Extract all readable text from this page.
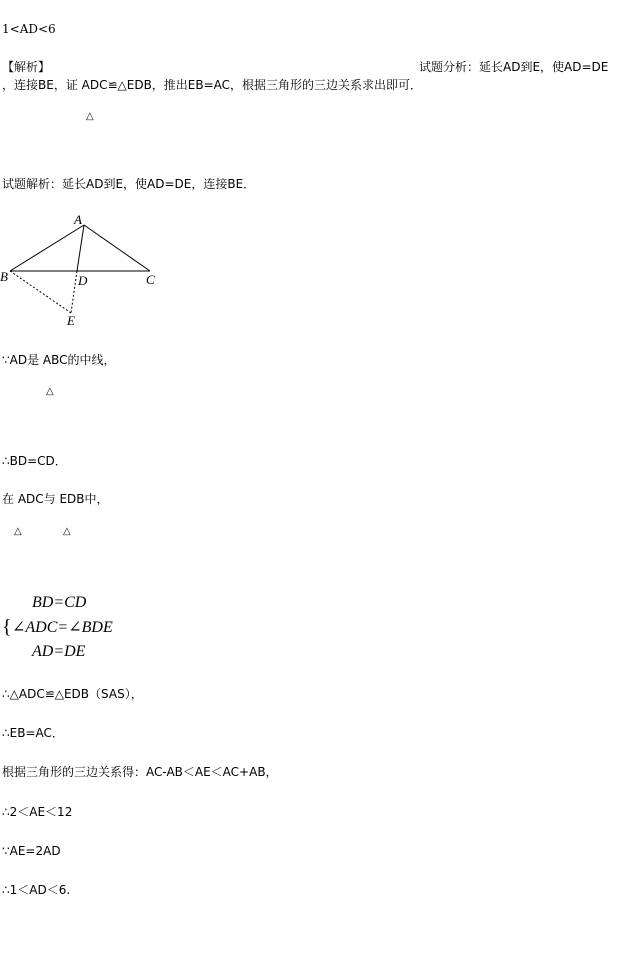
1<AD<6
【解析】	试题分析：延长AD到E，使AD=DE
，连接BE，证 ADC≌△EDB，推出EB=AC，根据三角形的三边关系求出即可．
△
试题解析：延长AD到E，使AD=DE，连接BE．
A
B	C
D
E
∵AD是 ABC的中线，
△
∴BD=CD．
在 ADC与 EDB中，
△	△
{
BD=CD
∠ADC=∠BDE
AD=DE
∴△ADC≌△EDB（SAS），
∴EB=AC．
根据三角形的三边关系得：AC-AB＜AE＜AC+AB，
∴2＜AE＜12
∵AE=2AD
∴1＜AD＜6.
